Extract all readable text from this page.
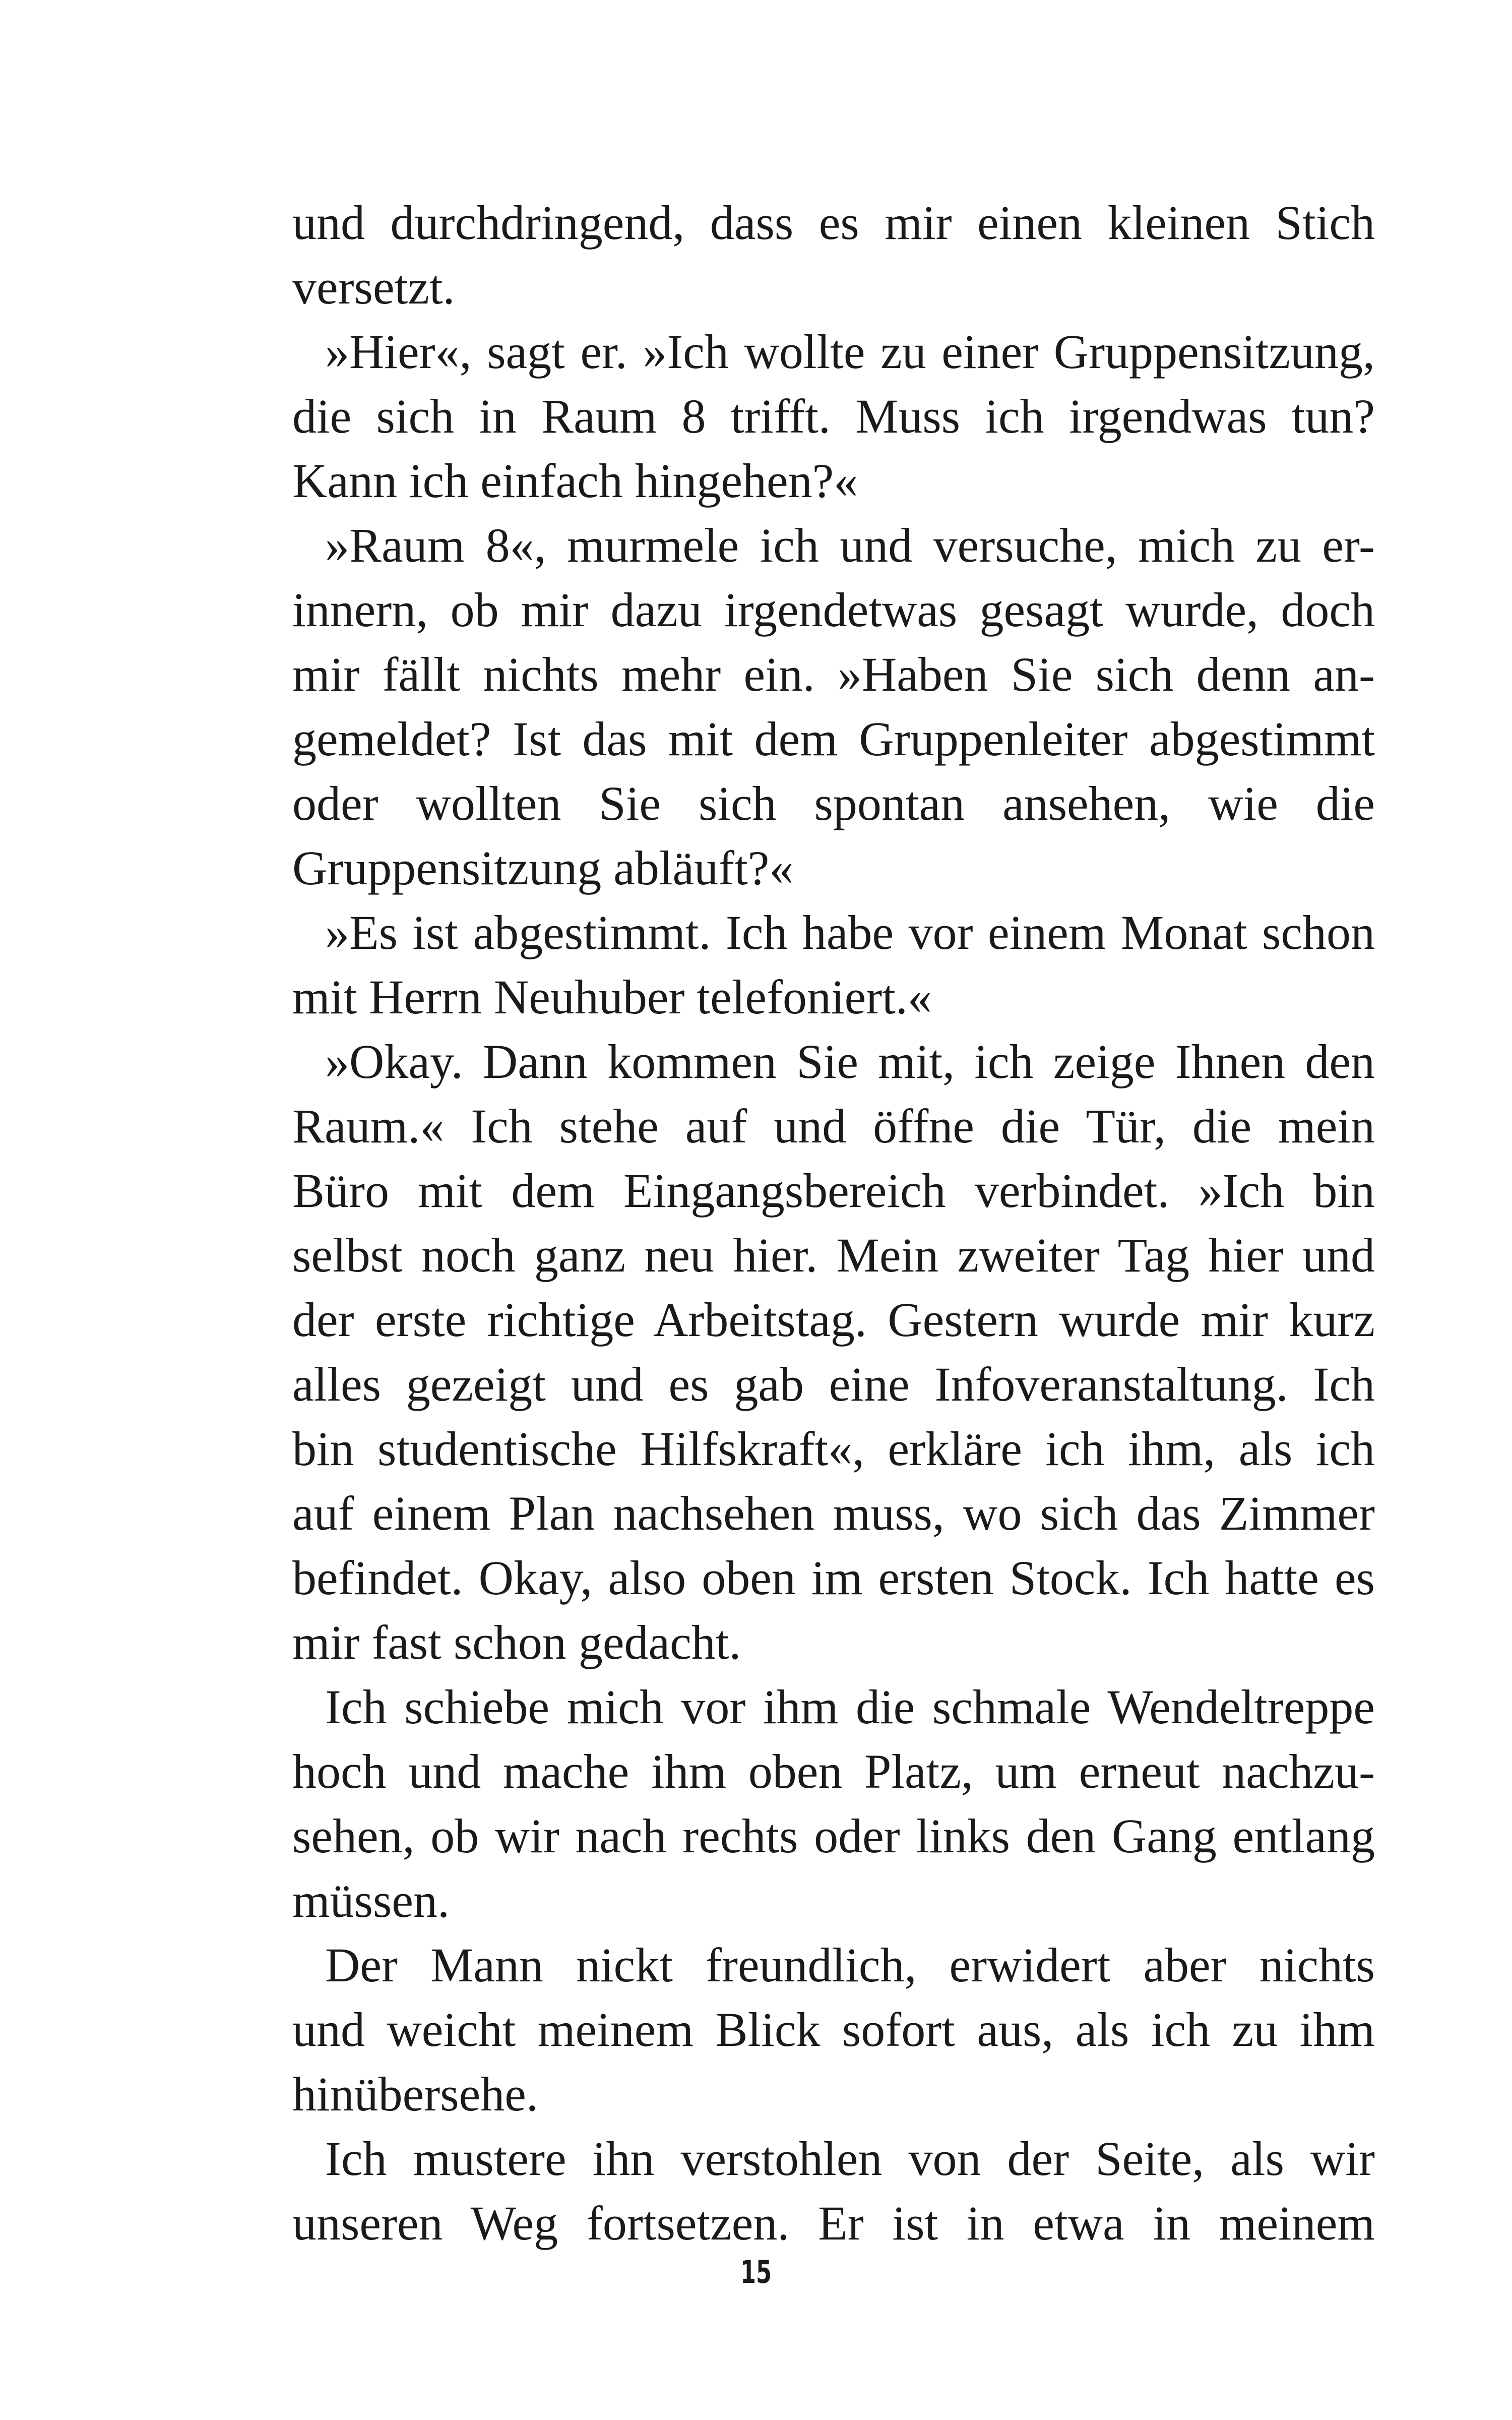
und durchdringend, dass es mir einen kleinen Stich
versetzt.
»Hier«, sagt er. »Ich wollte zu einer Gruppensitzung,
die sich in Raum 8 trifft. Muss ich irgendwas tun?
Kann ich einfach hingehen?«
»Raum 8«, murmele ich und versuche, mich zu er-
innern, ob mir dazu irgendetwas gesagt wurde, doch
mir fällt nichts mehr ein. »Haben Sie sich denn an-
gemeldet? Ist das mit dem Gruppenleiter abgestimmt
oder wollten Sie sich spontan ansehen, wie die
Gruppensitzung abläuft?«
»Es ist abgestimmt. Ich habe vor einem Monat schon
mit Herrn Neuhuber telefoniert.«
»Okay. Dann kommen Sie mit, ich zeige Ihnen den
Raum.« Ich stehe auf und öffne die Tür, die mein
Büro mit dem Eingangsbereich verbindet. »Ich bin
selbst noch ganz neu hier. Mein zweiter Tag hier und
der erste richtige Arbeitstag. Gestern wurde mir kurz
alles gezeigt und es gab eine Infoveranstaltung. Ich
bin studentische Hilfskraft«, erkläre ich ihm, als ich
auf einem Plan nachsehen muss, wo sich das Zimmer
befindet. Okay, also oben im ersten Stock. Ich hatte es
mir fast schon gedacht.
Ich schiebe mich vor ihm die schmale Wendeltreppe
hoch und mache ihm oben Platz, um erneut nachzu-
sehen, ob wir nach rechts oder links den Gang entlang
müssen.
Der Mann nickt freundlich, erwidert aber nichts
und weicht meinem Blick sofort aus, als ich zu ihm
hinübersehe.
Ich mustere ihn verstohlen von der Seite, als wir
unseren Weg fortsetzen. Er ist in etwa in meinem
15
